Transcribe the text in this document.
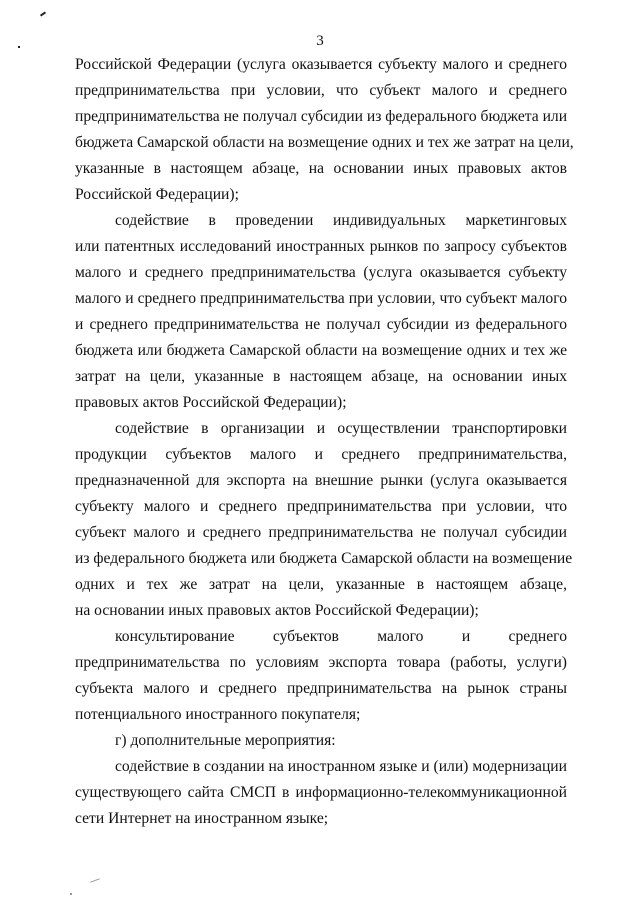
3
Российской Федерации (услуга оказывается субъекту малого и среднего
предпринимательства при условии, что субъект малого и среднего
предпринимательства не получал субсидии из федерального бюджета или
бюджета Самарской области на возмещение одних и тех же затрат на цели,
указанные в настоящем абзаце, на основании иных правовых актов
Российской Федерации);
содействие в проведении индивидуальных маркетинговых
или патентных исследований иностранных рынков по запросу субъектов
малого и среднего предпринимательства (услуга оказывается субъекту
малого и среднего предпринимательства при условии, что субъект малого
и среднего предпринимательства не получал субсидии из федерального
бюджета или бюджета Самарской области на возмещение одних и тех же
затрат на цели, указанные в настоящем абзаце, на основании иных
правовых актов Российской Федерации);
содействие в организации и осуществлении транспортировки
продукции субъектов малого и среднего предпринимательства,
предназначенной для экспорта на внешние рынки (услуга оказывается
субъекту малого и среднего предпринимательства при условии, что
субъект малого и среднего предпринимательства не получал субсидии
из федерального бюджета или бюджета Самарской области на возмещение
одних и тех же затрат на цели, указанные в настоящем абзаце,
на основании иных правовых актов Российской Федерации);
консультирование субъектов малого и среднего
предпринимательства по условиям экспорта товара (работы, услуги)
субъекта малого и среднего предпринимательства на рынок страны
потенциального иностранного покупателя;
г) дополнительные мероприятия:
содействие в создании на иностранном языке и (или) модернизации
существующего сайта СМСП в информационно-телекоммуникационной
сети Интернет на иностранном языке;
